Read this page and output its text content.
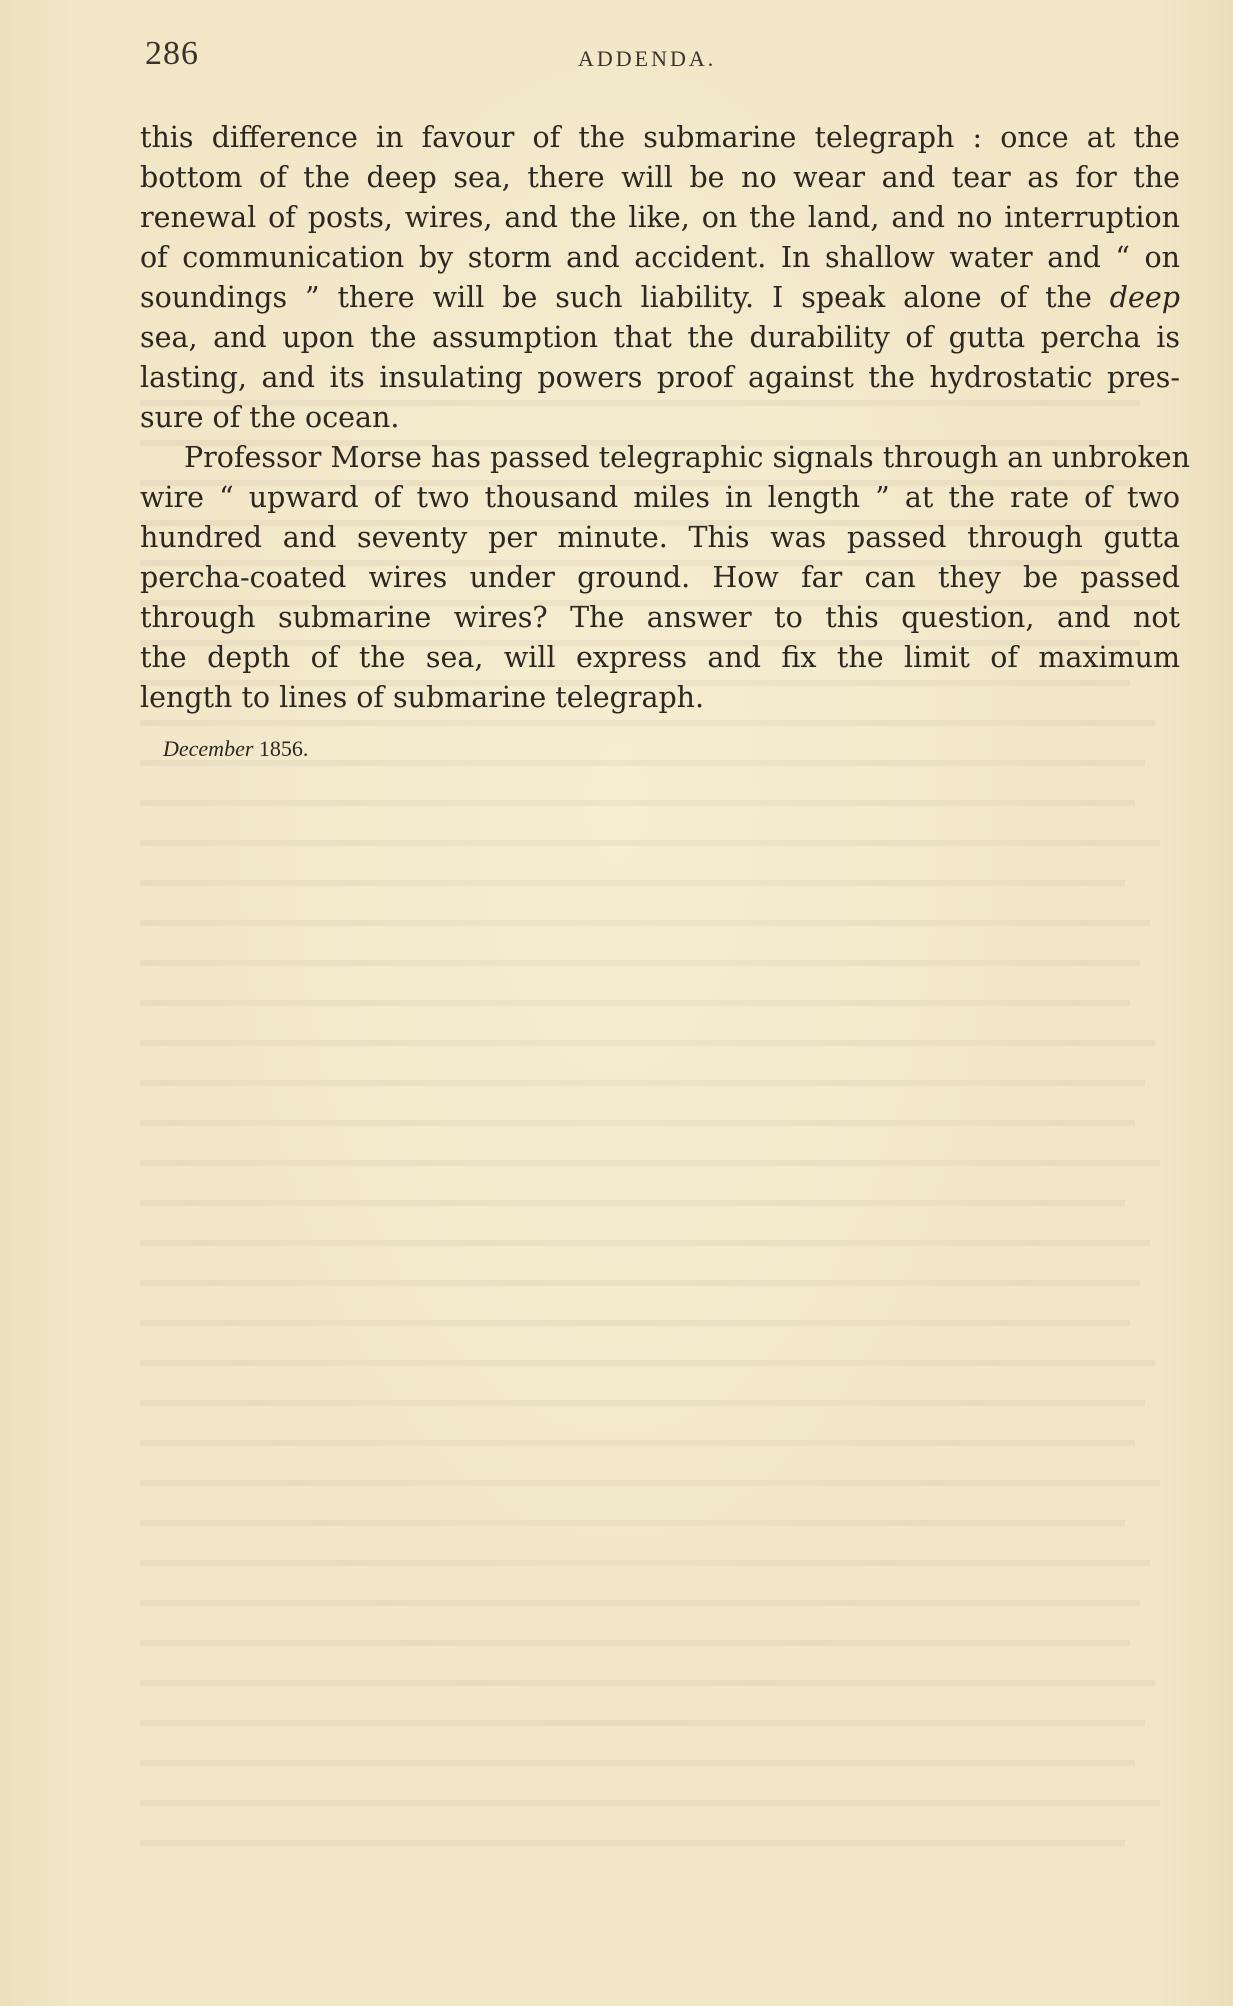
286	ADDENDA.
this difference in favour of the submarine telegraph : once at the
bottom of the deep sea, there will be no wear and tear as for the
renewal of posts, wires, and the like, on the land, and no interruption
of communication by storm and accident. In shallow water and “ on
soundings ” there will be such liability. I speak alone of the deep
sea, and upon the assumption that the durability of gutta percha is
lasting, and its insulating powers proof against the hydrostatic pres-
sure of the ocean.
Professor Morse has passed telegraphic signals through an unbroken
wire “ upward of two thousand miles in length ” at the rate of two
hundred and seventy per minute. This was passed through gutta
percha-coated wires under ground. How far can they be passed
through submarine wires? The answer to this question, and not
the depth of the sea, will express and fix the limit of maximum
length to lines of submarine telegraph.
December 1856.
